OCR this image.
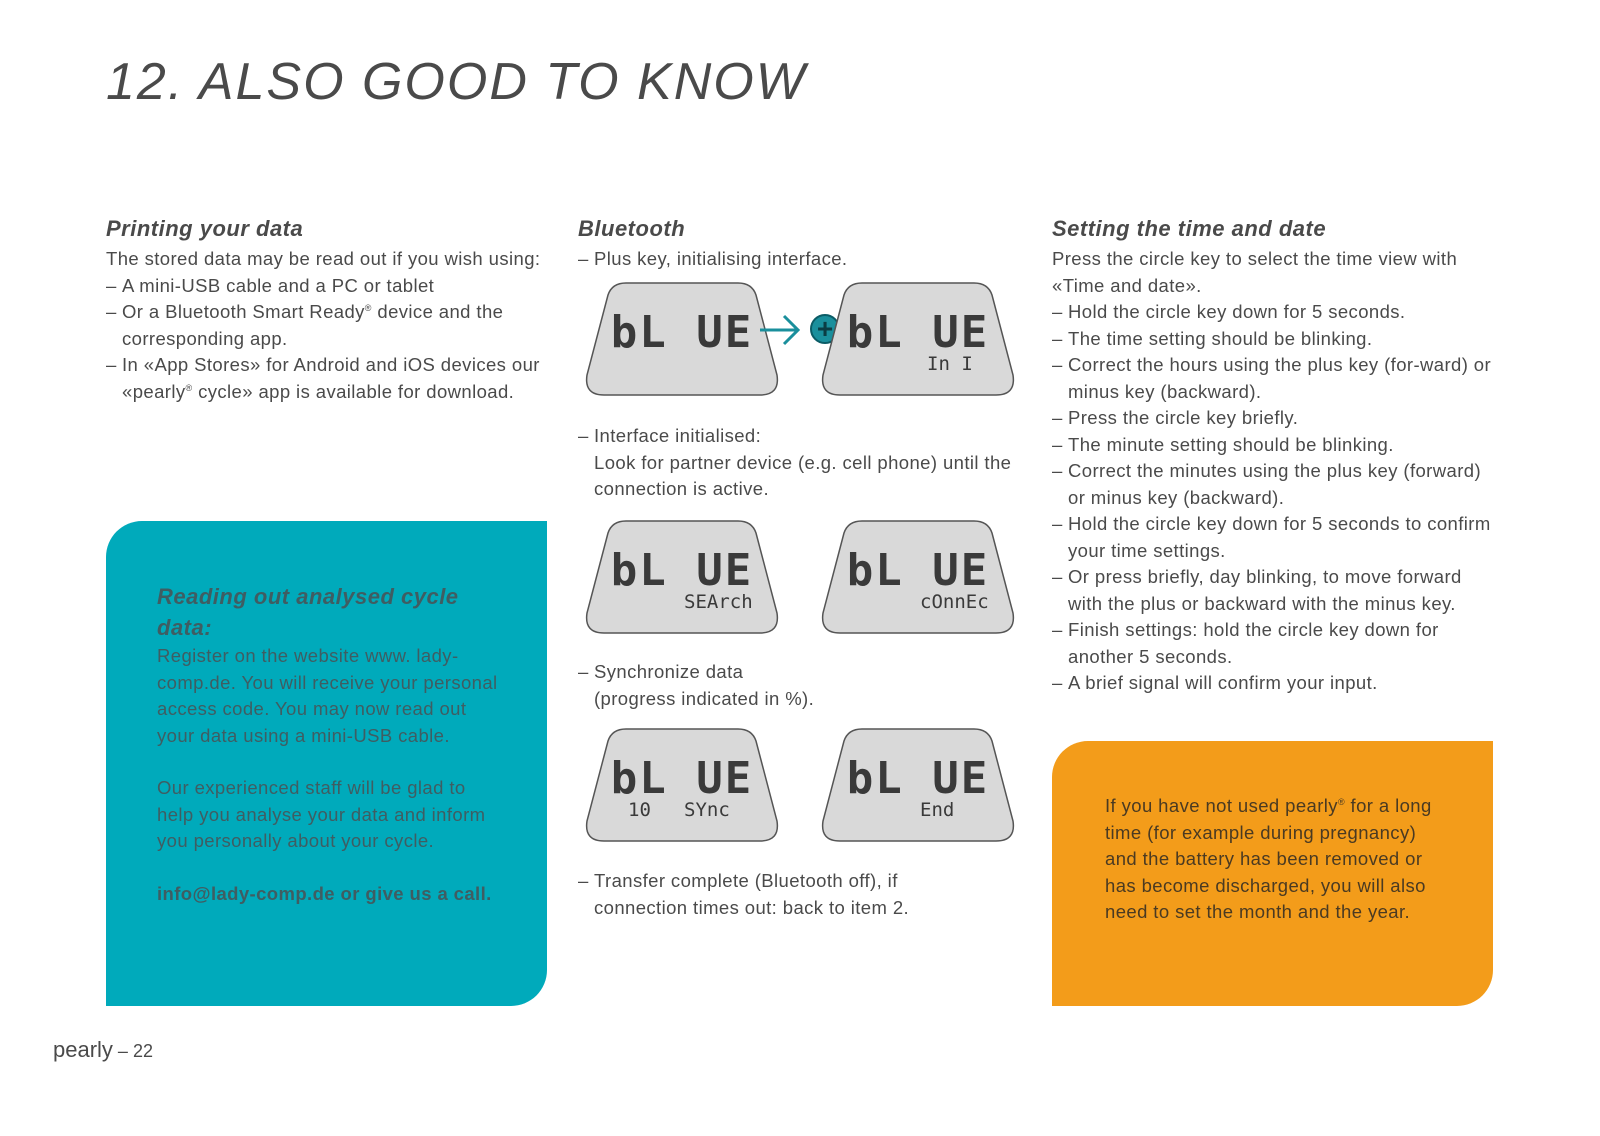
12. ALSO GOOD TO KNOW
Printing your data

The stored data may be read out if you wish using:

– A mini-USB cable and a PC or tablet
– Or a Bluetooth Smart Ready® device and the corresponding app.
– In «App Stores» for Android and iOS devices our «pearly® cycle» app is available for download.
Reading out analysed cycle data:

Register on the website www. lady-comp.de. You will receive your personal access code. You may now read out your data using a mini-USB cable.

Our experienced staff will be glad to help you analyse your data and inform you personally about your cycle.

info@lady-comp.de or give us a call.

Bluetooth
– Plus key, initialising interface.
bL UE	+ bL UE
In I
– Interface initialised:
Look for partner device (e.g. cell phone) until the connection is active.
bL UE
SEArch
bL UE
cOnnEc
– Synchronize data
(progress indicated in %).
bL UE
10 SYnc
bL UE
End
– Transfer complete (Bluetooth off), if
connection times out: back to item 2.
Setting the time and date

Press the circle key to select the time view with «Time and date».

– Hold the circle key down for 5 seconds.
– The time setting should be blinking.
– Correct the hours using the plus key (for-ward) or minus key (backward).
– Press the circle key briefly.
– The minute setting should be blinking.
– Correct the minutes using the plus key (forward) or minus key (backward).
– Hold the circle key down for 5 seconds to confirm your time settings.
– Or press briefly, day blinking, to move forward with the plus or backward with the minus key.
– Finish settings: hold the circle key down for another 5 seconds.
– A brief signal will confirm your input.

If you have not used pearly® for a long time (for example during pregnancy) and the battery has been removed or has become discharged, you will also need to set the month and the year.

pearly – 22
